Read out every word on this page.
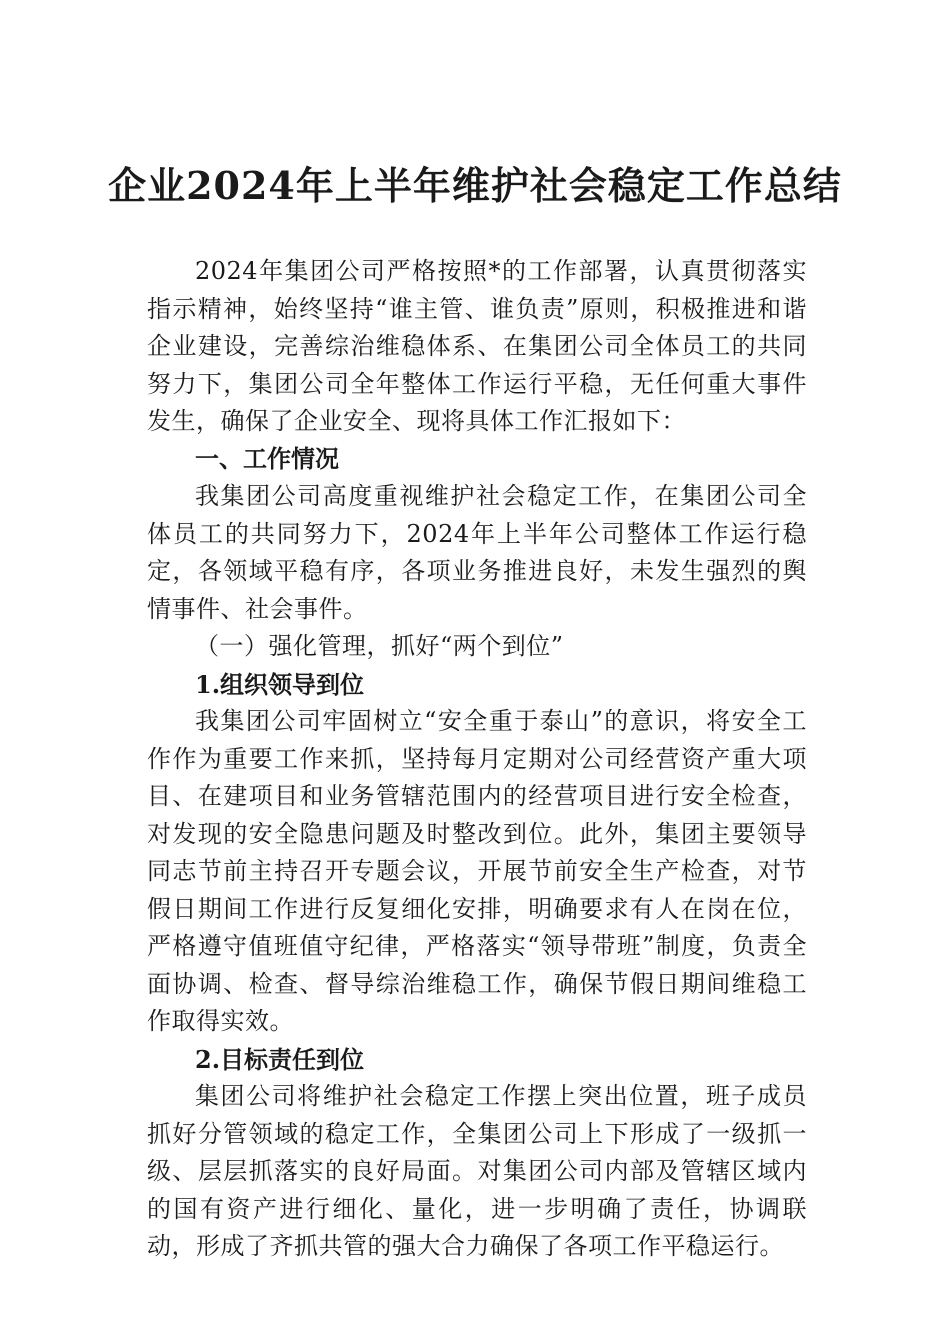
企业2024年上半年维护社会稳定工作总结

2024年集团公司严格按照*的工作部署，认真贯彻落实指示精神，始终坚持“谁主管、谁负责”原则，积极推进和谐企业建设，完善综治维稳体系、在集团公司全体员工的共同努力下，集团公司全年整体工作运行平稳，无任何重大事件发生，确保了企业安全、现将具体工作汇报如下：

一、工作情况

我集团公司高度重视维护社会稳定工作，在集团公司全体员工的共同努力下，2024年上半年公司整体工作运行稳定，各领域平稳有序，各项业务推进良好，未发生强烈的舆情事件、社会事件。

（一）强化管理，抓好“两个到位”

1.组织领导到位

我集团公司牢固树立“安全重于泰山”的意识，将安全工作作为重要工作来抓，坚持每月定期对公司经营资产重大项目、在建项目和业务管辖范围内的经营项目进行安全检查，对发现的安全隐患问题及时整改到位。此外，集团主要领导同志节前主持召开专题会议，开展节前安全生产检查，对节假日期间工作进行反复细化安排，明确要求有人在岗在位，严格遵守值班值守纪律，严格落实“领导带班”制度，负责全面协调、检查、督导综治维稳工作，确保节假日期间维稳工作取得实效。

2.目标责任到位

集团公司将维护社会稳定工作摆上突出位置，班子成员抓好分管领域的稳定工作，全集团公司上下形成了一级抓一级、层层抓落实的良好局面。对集团公司内部及管辖区域内的国有资产进行细化、量化，进一步明确了责任，协调联动，形成了齐抓共管的强大合力确保了各项工作平稳运行。
